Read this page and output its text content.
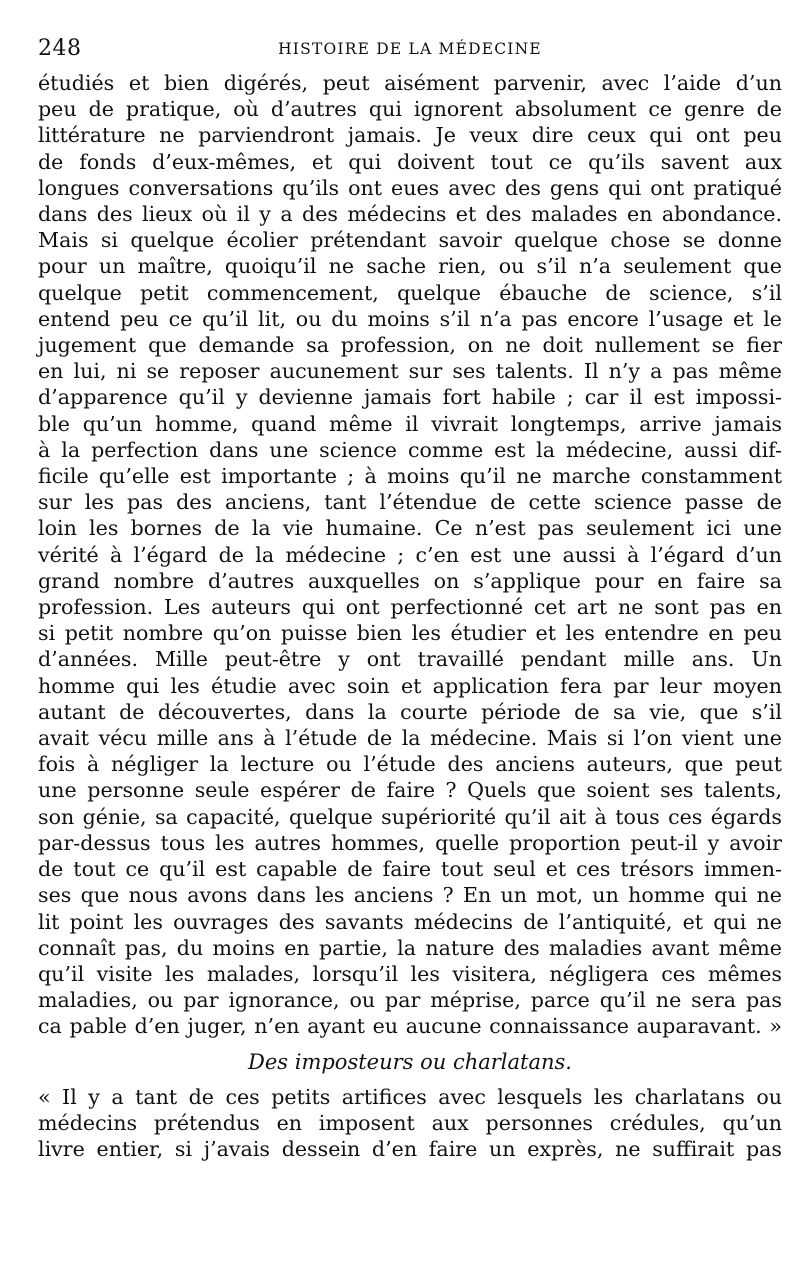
248	HISTOIRE DE LA MÉDECINE
étudiés et bien digérés, peut aisément parvenir, avec l’aide d’un
peu de pratique, où d’autres qui ignorent absolument ce genre de
littérature ne parviendront jamais. Je veux dire ceux qui ont peu
de fonds d’eux-mêmes, et qui doivent tout ce qu’ils savent aux
longues conversations qu’ils ont eues avec des gens qui ont pratiqué
dans des lieux où il y a des médecins et des malades en abondance.
Mais si quelque écolier prétendant savoir quelque chose se donne
pour un maître, quoiqu’il ne sache rien, ou s’il n’a seulement que
quelque petit commencement, quelque ébauche de science, s’il
entend peu ce qu’il lit, ou du moins s’il n’a pas encore l’usage et le
jugement que demande sa profession, on ne doit nullement se fier
en lui, ni se reposer aucunement sur ses talents. Il n’y a pas même
d’apparence qu’il y devienne jamais fort habile ; car il est impossi-
ble qu’un homme, quand même il vivrait longtemps, arrive jamais
à la perfection dans une science comme est la médecine, aussi dif-
ficile qu’elle est importante ; à moins qu’il ne marche constamment
sur les pas des anciens, tant l’étendue de cette science passe de
loin les bornes de la vie humaine. Ce n’est pas seulement ici une
vérité à l’égard de la médecine ; c’en est une aussi à l’égard d’un
grand nombre d’autres auxquelles on s’applique pour en faire sa
profession. Les auteurs qui ont perfectionné cet art ne sont pas en
si petit nombre qu’on puisse bien les étudier et les entendre en peu
d’années. Mille peut-être y ont travaillé pendant mille ans. Un
homme qui les étudie avec soin et application fera par leur moyen
autant de découvertes, dans la courte période de sa vie, que s’il
avait vécu mille ans à l’étude de la médecine. Mais si l’on vient une
fois à négliger la lecture ou l’étude des anciens auteurs, que peut
une personne seule espérer de faire ? Quels que soient ses talents,
son génie, sa capacité, quelque supériorité qu’il ait à tous ces égards
par-dessus tous les autres hommes, quelle proportion peut-il y avoir
de tout ce qu’il est capable de faire tout seul et ces trésors immen-
ses que nous avons dans les anciens ? En un mot, un homme qui ne
lit point les ouvrages des savants médecins de l’antiquité, et qui ne
connaît pas, du moins en partie, la nature des maladies avant même
qu’il visite les malades, lorsqu’il les visitera, négligera ces mêmes
maladies, ou par ignorance, ou par méprise, parce qu’il ne sera pas
ca pable d’en juger, n’en ayant eu aucune connaissance auparavant. »
Des imposteurs ou charlatans.
« Il y a tant de ces petits artifices avec lesquels les charlatans ou
médecins prétendus en imposent aux personnes crédules, qu’un
livre entier, si j’avais dessein d’en faire un exprès, ne suffirait pas
